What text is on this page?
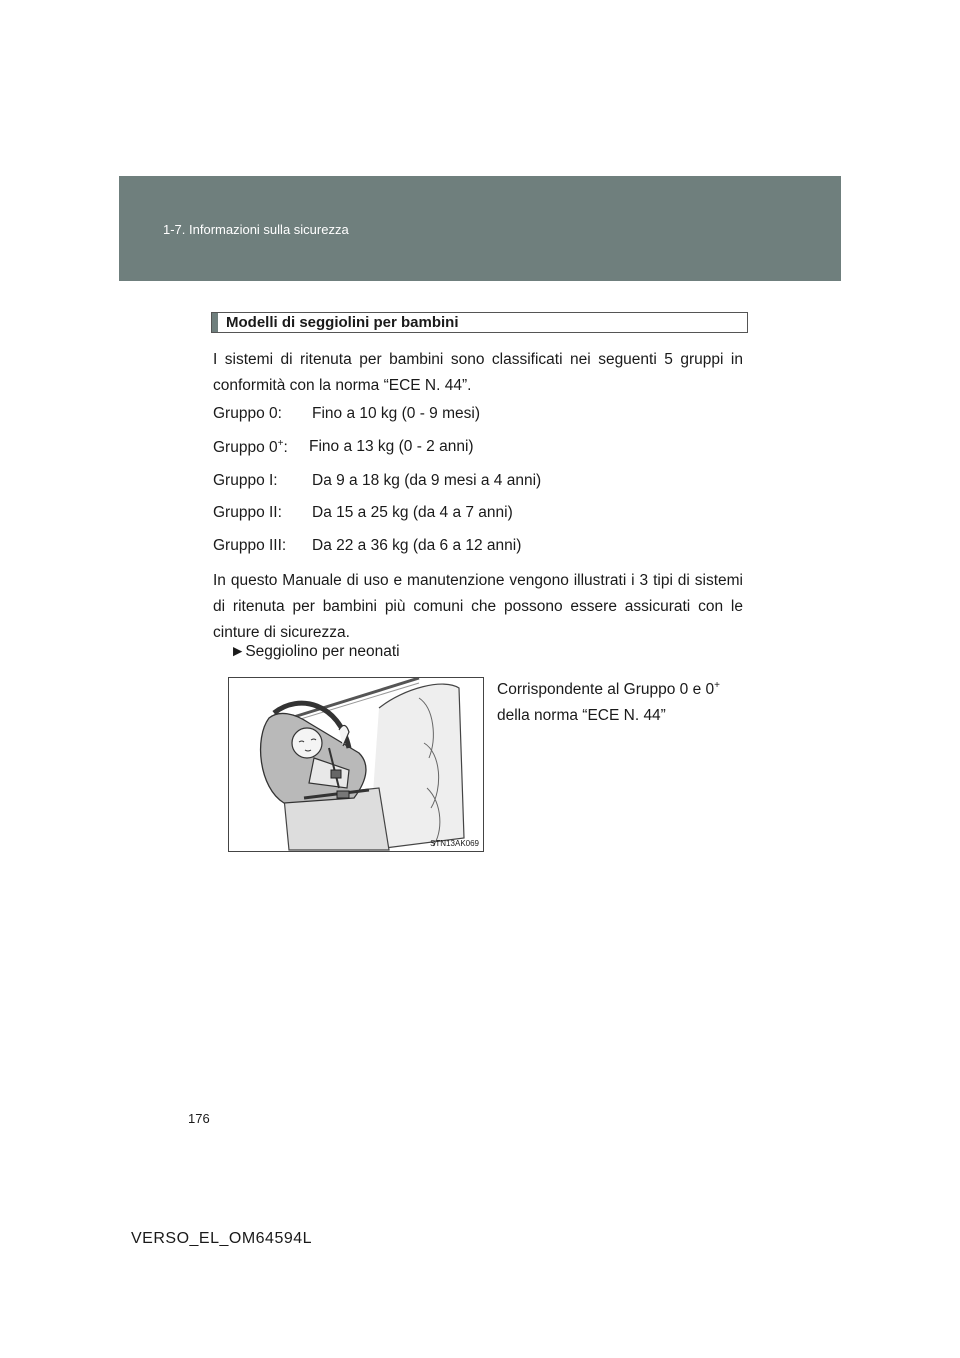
1-7. Informazioni sulla sicurezza
Modelli di seggiolini per bambini
I sistemi di ritenuta per bambini sono classificati nei seguenti 5 gruppi in conformità con la norma “ECE N. 44”.
Gruppo 0: Fino a 10 kg (0 - 9 mesi)
Gruppo 0+: Fino a 13 kg (0 - 2 anni)
Gruppo I: Da 9 a 18 kg (da 9 mesi a 4 anni)
Gruppo II: Da 15 a 25 kg (da 4 a 7 anni)
Gruppo III: Da 22 a 36 kg (da 6 a 12 anni)
In questo Manuale di uso e manutenzione vengono illustrati i 3 tipi di sistemi di ritenuta per bambini più comuni che possono essere assicurati con le cinture di sicurezza.
►Seggiolino per neonati
Corrispondente al Gruppo 0 e 0+
della norma “ECE N. 44”
STN13AK069
176
VERSO_EL_OM64594L
